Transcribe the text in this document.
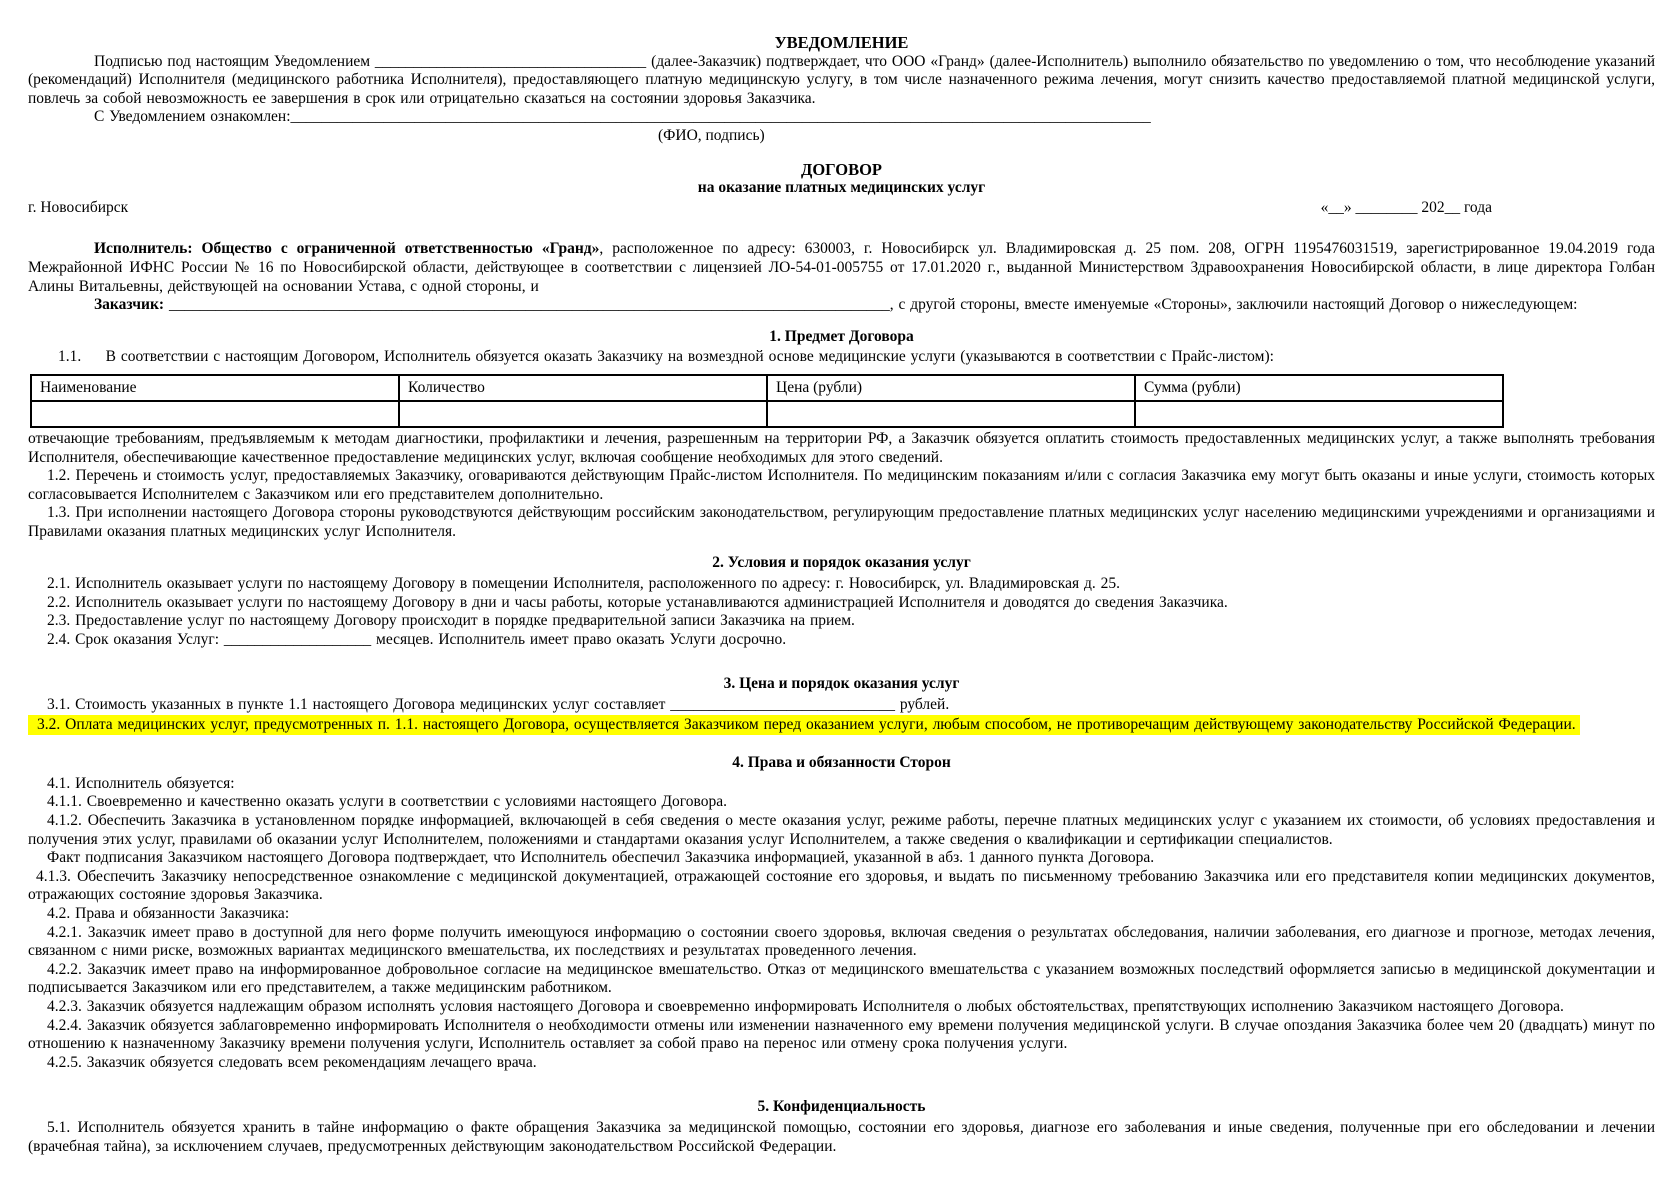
УВЕДОМЛЕНИЕ

Подписью под настоящим Уведомлением ___________________________________ (далее-Заказчик) подтверждает, что ООО «Гранд» (далее-Исполнитель) выполнило обязательство по уведомлению о том, что несоблюдение указаний (рекомендаций) Исполнителя (медицинского работника Исполнителя), предоставляющего платную медицинскую услугу, в том числе назначенного режима лечения, могут снизить качество предоставляемой платной медицинской услуги, повлечь за собой невозможность ее завершения в срок или отрицательно сказаться на состоянии здоровья Заказчика.

С Уведомлением ознакомлен:_______________________________________________________________________________________________________________

(ФИО, подпись)
ДОГОВОР
на оказание платных медицинских услуг
г. Новосибирск	«__» ________ 202__ года

Исполнитель: Общество с ограниченной ответственностью «Гранд», расположенное по адресу: 630003, г. Новосибирск ул. Владимировская д. 25 пом. 208, ОГРН 1195476031519, зарегистрированное 19.04.2019 года Межрайонной ИФНС России № 16 по Новосибирской области, действующее в соответствии с лицензией ЛО-54-01-005755 от 17.01.2020 г., выданной Министерством Здравоохранения Новосибирской области, в лице директора Голбан Алины Витальевны, действующей на основании Устава, с одной стороны, и

Заказчик: _____________________________________________________________________________________________, с другой стороны, вместе именуемые «Стороны», заключили настоящий Договор о нижеследующем:

1. Предмет Договора

1.1.     В соответствии с настоящим Договором, Исполнитель обязуется оказать Заказчику на возмездной основе медицинские услуги (указываются в соответствии с Прайс-листом):

Наименование	Количество	Цена (рубли)	Сумма (рубли)

отвечающие требованиям, предъявляемым к методам диагностики, профилактики и лечения, разрешенным на территории РФ, а Заказчик обязуется оплатить стоимость предоставленных медицинских услуг, а также выполнять требования Исполнителя, обеспечивающие качественное предоставление медицинских услуг, включая сообщение необходимых для этого сведений.

1.2. Перечень и стоимость услуг, предоставляемых Заказчику, оговариваются действующим Прайс-листом Исполнителя. По медицинским показаниям и/или с согласия Заказчика ему могут быть оказаны и иные услуги, стоимость которых согласовывается Исполнителем с Заказчиком или его представителем дополнительно.

1.3. При исполнении настоящего Договора стороны руководствуются действующим российским законодательством, регулирующим предоставление платных медицинских услуг населению медицинскими учреждениями и организациями и Правилами оказания платных медицинских услуг Исполнителя.

2. Условия и порядок оказания услуг

2.1. Исполнитель оказывает услуги по настоящему Договору в помещении Исполнителя, расположенного по адресу: г. Новосибирск, ул. Владимировская д. 25.

2.2. Исполнитель оказывает услуги по настоящему Договору в дни и часы работы, которые устанавливаются администрацией Исполнителя и доводятся до сведения Заказчика.

2.3. Предоставление услуг по настоящему Договору происходит в порядке предварительной записи Заказчика на прием.

2.4. Срок оказания Услуг: ___________________ месяцев. Исполнитель имеет право оказать Услуги досрочно.

3. Цена и порядок оказания услуг

3.1. Стоимость указанных в пункте 1.1 настоящего Договора медицинских услуг составляет _____________________________ рублей.

3.2. Оплата медицинских услуг, предусмотренных п. 1.1. настоящего Договора, осуществляется Заказчиком перед оказанием услуги, любым способом, не противоречащим действующему законодательству Российской Федерации.

4. Права и обязанности Сторон

4.1. Исполнитель обязуется:

4.1.1. Своевременно и качественно оказать услуги в соответствии с условиями настоящего Договора.

4.1.2. Обеспечить Заказчика в установленном порядке информацией, включающей в себя сведения о месте оказания услуг, режиме работы, перечне платных медицинских услуг с указанием их стоимости, об условиях предоставления и получения этих услуг, правилами об оказании услуг Исполнителем, положениями и стандартами оказания услуг Исполнителем, а также сведения о квалификации и сертификации специалистов.

Факт подписания Заказчиком настоящего Договора подтверждает, что Исполнитель обеспечил Заказчика информацией, указанной в абз. 1 данного пункта Договора.

4.1.3. Обеспечить Заказчику непосредственное ознакомление с медицинской документацией, отражающей состояние его здоровья, и выдать по письменному требованию Заказчика или его представителя копии медицинских документов, отражающих состояние здоровья Заказчика.

4.2. Права и обязанности Заказчика:

4.2.1. Заказчик имеет право в доступной для него форме получить имеющуюся информацию о состоянии своего здоровья, включая сведения о результатах обследования, наличии заболевания, его диагнозе и прогнозе, методах лечения, связанном с ними риске, возможных вариантах медицинского вмешательства, их последствиях и результатах проведенного лечения.

4.2.2. Заказчик имеет право на информированное добровольное согласие на медицинское вмешательство. Отказ от медицинского вмешательства с указанием возможных последствий оформляется записью в медицинской документации и подписывается Заказчиком или его представителем, а также медицинским работником.

4.2.3. Заказчик обязуется надлежащим образом исполнять условия настоящего Договора и своевременно информировать Исполнителя о любых обстоятельствах, препятствующих исполнению Заказчиком настоящего Договора.

4.2.4. Заказчик обязуется заблаговременно информировать Исполнителя о необходимости отмены или изменении назначенного ему времени получения медицинской услуги. В случае опоздания Заказчика более чем 20 (двадцать) минут по отношению к назначенному Заказчику времени получения услуги, Исполнитель оставляет за собой право на перенос или отмену срока получения услуги.

4.2.5. Заказчик обязуется следовать всем рекомендациям лечащего врача.

5. Конфиденциальность

5.1. Исполнитель обязуется хранить в тайне информацию о факте обращения Заказчика за медицинской помощью, состоянии его здоровья, диагнозе его заболевания и иные сведения, полученные при его обследовании и лечении (врачебная тайна), за исключением случаев, предусмотренных действующим законодательством Российской Федерации.
